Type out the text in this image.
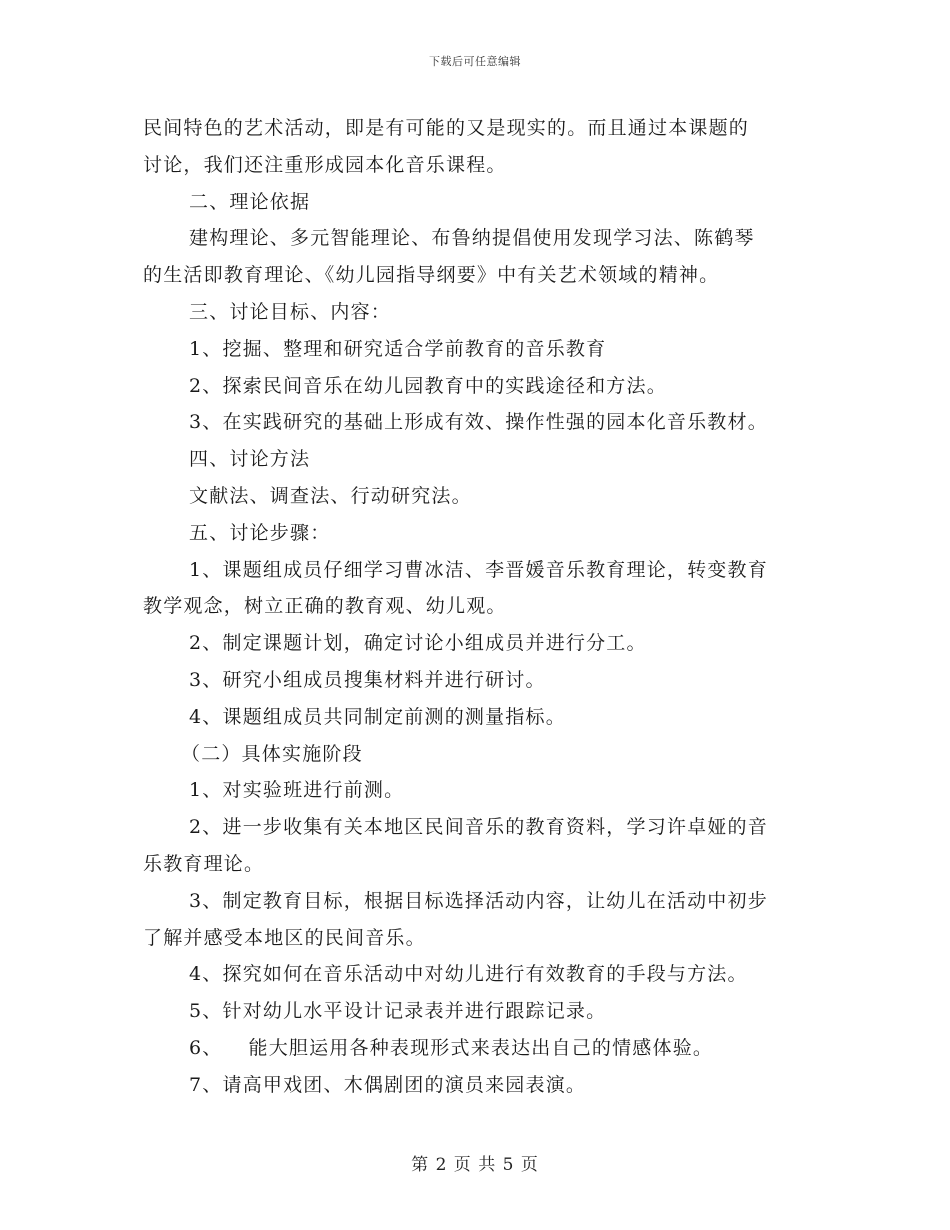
下载后可任意编辑
民间特色的艺术活动，即是有可能的又是现实的。而且通过本课题的
讨论，我们还注重形成园本化音乐课程。
二、理论依据
建构理论、多元智能理论、布鲁纳提倡使用发现学习法、陈鹤琴
的生活即教育理论、《幼儿园指导纲要》中有关艺术领域的精神。
三、讨论目标、内容：
1、挖掘、整理和研究适合学前教育的音乐教育
2、探索民间音乐在幼儿园教育中的实践途径和方法。
3、在实践研究的基础上形成有效、操作性强的园本化音乐教材。
四、讨论方法
文献法、调查法、行动研究法。
五、讨论步骤：
1、课题组成员仔细学习曹冰洁、李晋媛音乐教育理论，转变教育
教学观念，树立正确的教育观、幼儿观。
2、制定课题计划，确定讨论小组成员并进行分工。
3、研究小组成员搜集材料并进行研讨。
4、课题组成员共同制定前测的测量指标。
（二）具体实施阶段
1、对实验班进行前测。
2、进一步收集有关本地区民间音乐的教育资料，学习许卓娅的音
乐教育理论。
3、制定教育目标，根据目标选择活动内容，让幼儿在活动中初步
了解并感受本地区的民间音乐。
4、探究如何在音乐活动中对幼儿进行有效教育的手段与方法。
5、针对幼儿水平设计记录表并进行跟踪记录。
6、 能大胆运用各种表现形式来表达出自己的情感体验。
7、请高甲戏团、木偶剧团的演员来园表演。
第 2 页 共 5 页
